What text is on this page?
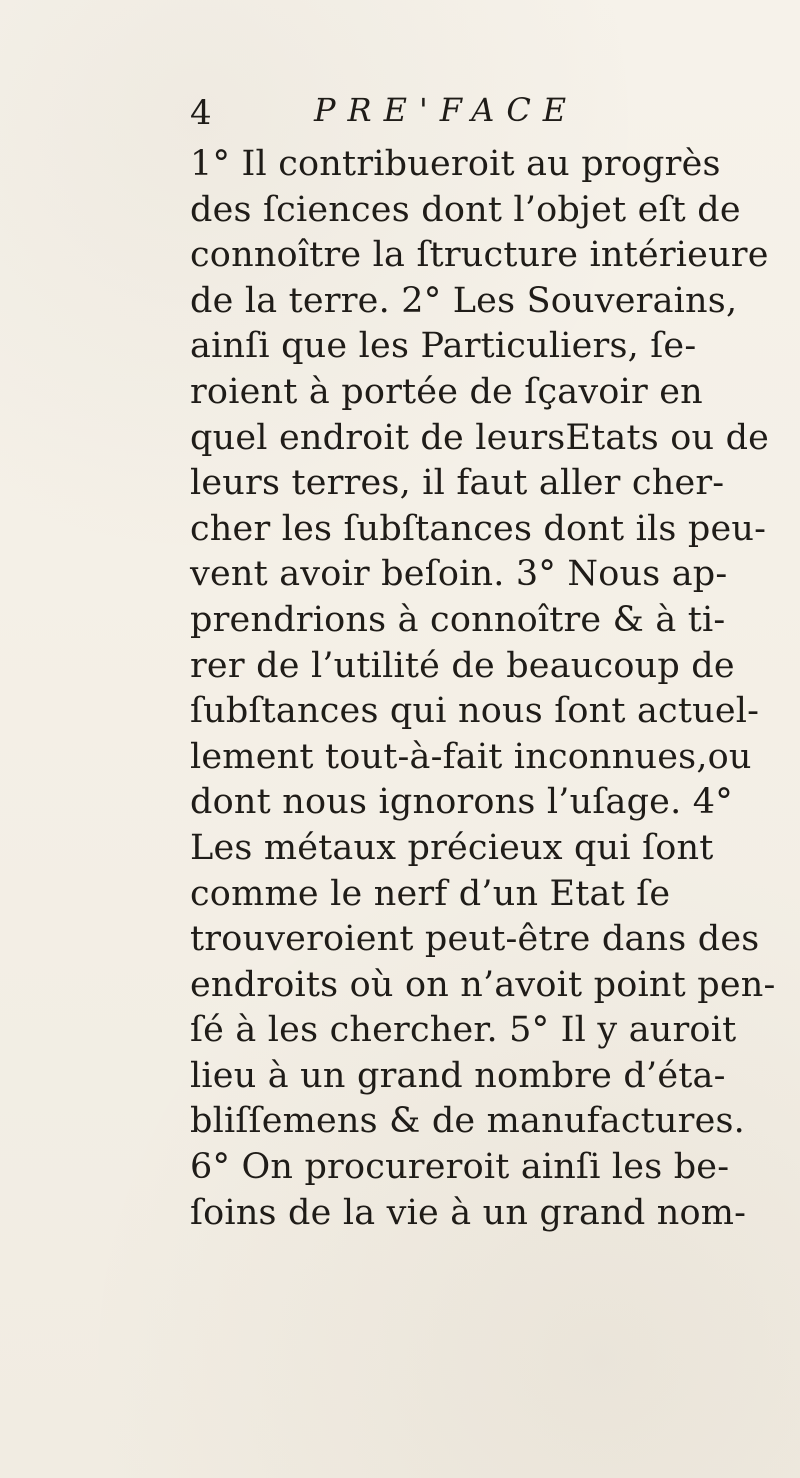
4	PRE'FACE
1° Il contribueroit au progrès
des ſciences dont l’objet eſt de
connoître la ſtructure intérieure
de la terre. 2° Les Souverains,
ainſi que les Particuliers, ſe-
roient à portée de ſçavoir en
quel endroit de leursEtats ou de
leurs terres, il faut aller cher-
cher les ſubſtances dont ils peu-
vent avoir beſoin. 3° Nous ap-
prendrions à connoître & à ti-
rer de l’utilité de beaucoup de
ſubſtances qui nous ſont actuel-
lement tout-à-fait inconnues,ou
dont nous ignorons l’uſage. 4°
Les métaux précieux qui ſont
comme le nerf d’un Etat ſe
trouveroient peut-être dans des
endroits où on n’avoit point pen-
ſé à les chercher. 5° Il y auroit
lieu à un grand nombre d’éta-
bliſſemens & de manufactures.
6° On procureroit ainſi les be-
ſoins de la vie à un grand nom-
